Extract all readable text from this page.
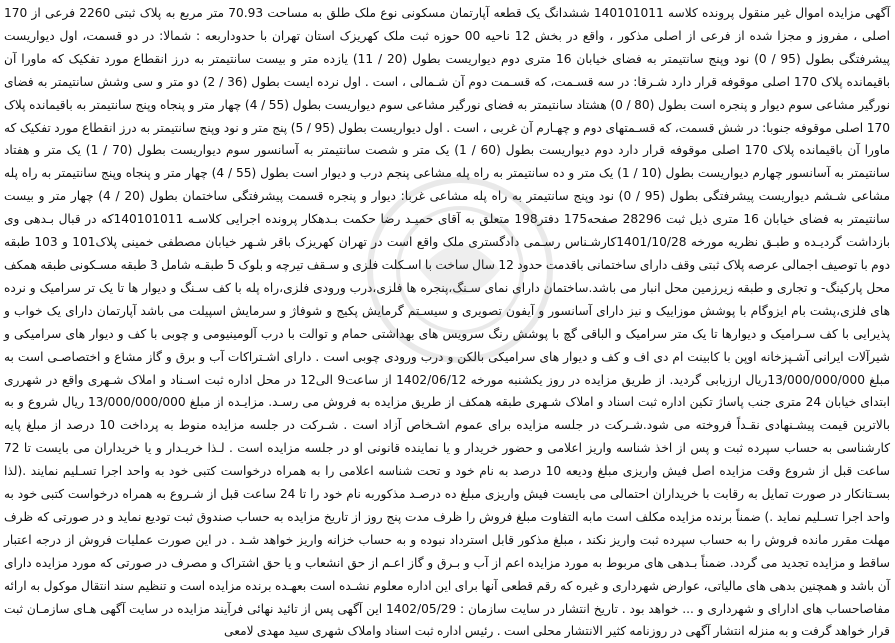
آگهی مزایده اموال غیر منقول پرونده کلاسه 140101011 ششدانگ یک قطعه آپارتمان مسکونی نوع ملک طلق به مساحت 70.93 متر مربع به پلاک ثبتی 2260 فرعی از 170 اصلی ، مفروز و مجزا شده از فرعی از اصلی مذکور ، واقع در بخش 12 ناحیه 00 حوزه ثبت ملک کهریزک استان تهران با حدودار‌بعه : شمالا: در دو قسمت، اول دیوار‌یست پیشرفتگی بطول (95 / 0) نود وپنج سانتیمتر به فضای خیابان 16 متری دوم دیوار‌یست بطول (20 / 11) یازده متر و بیست سانتیمتر به درز انقطاع مورد تفکیک که ماورا آن باقیمانده پلاک 170 اصلی موقوفه قرار دارد شـرقا: در سه قسـمت، که قسـمت دوم آن شـمالی ، است . اول نرده ایست بطول (36 / 2) دو متر و سی وشش سانتیمتر به فضای نورگیر مشاعی سوم دیوار و پنجره است بطول (80 / 0) هشتاد سانتیمتر به فضای نورگیر مشاعی سوم دیوار‌یست بطول (55 / 4) چهار متر و پنجاه وپنج سانتیمتر به باقیمانده پلاک 170 اصلی موقوفه جنوبا: در شش قسمت، که قسـمتهای دوم و چهـارم آن غربی ، است . اول دیواریست بطول (95 / 5) پنج متر و نود وپنج سانتیمتر به درز انقطاع مورد تفکیک که ماورا آن باقیمانده پلاک 170 اصلی موقوفه قرار دارد دوم دیوار‌یست بطول (60 / 1) یک متر و شصت سانتیمتر به آسانسور سوم دیوار‌یست بطول (70 / 1) یک متر و هفتاد سانتیمتر به آسانسور چهارم دیوار‌یست بطول (10 / 1) یک متر و ده سانتیمتر به راه پله مشاعی پنجم درب و دیوار است بطول (55 / 4) چهار متر و پنجاه وپنج سانتیمتر به راه پله مشاعی شـشم دیوار‌یست پیشرفتگی بطول (95 / 0) نود وپنج سانتیمتر به راه پله مشاعی غربا: دیوار و پنجره قسمت پیشرفتگی ساختمان بطول (20 / 4) چهار متر و بیست سانتیمتر به فضای خیابان 16 متری ذیل ثبت 28296 صفحه175 دفتر198 متعلق به آقای حمیـد رضا حکمت بـدهکار پرونده اجرایی کلاسـه 140101011که در قبال بـدهی وی بازداشت گردیـده و طبـق نظریه مورخه 1401/10/28کارشـناس رسـمی دادگستری ملک واقع است در تهران کهریزک باقر شـهر خیابان مصطفی خمینی پلاک101 و 103 طبقه دوم با توصیف اجمالی عرصه پلاک ثبتی وقف دارای ساختمانی باقدمت حدود 12 سال ساخت با اسـکلت فلزی و سـقف تیرچه و بلوک 5 طبقـه شامل 3 طبقه مسـکونی طبقه همکف محل پارکینگ- و تجاری و طبقه زیرزمین محل انبار می باشد.ساختمان دارای نمای سـنگ،پنجره ها فلزی،درب ورودی فلزی،راه پله با کف سـنگ و دیوار ها تا یک تر سرامیک و نرده های فلزی،پشت بام ایزوگام با پوشش موزاییک و نیز دارای آسانسور و آیفون تصویری و سیسـتم گرمایش پکیج و شوفاژ و سرمایش اسپیلت می باشد آپارتمان دارای یک خواب و پذیرایی با کف سـرامیک و دیوارها تا یک متر سرامیک و الباقی گچ با پوشش رنگ سرویس های بهداشتی حمام و توالت با درب آلومینیومی و چوبی با کف و دیوار های سرامیکی و شیرآلات ایرانی آشـپزخانه اوپن با کابینت ام دی اف و کف و دیوار های سرامیکی بالکن و درب ورودی چوبی است . دارای اشـتراکات آب و برق و گاز مشاع و اختصاصـی است به مبلغ 13/000/000/000ریال ارزیابی گردید. از طریق مزایده در روز یکشنبه مورخه 1402/06/12 از ساعت9 الی12 در محل اداره ثبت اسـناد و املاک شـهری واقع در شهرری ابتدای خیابان 24 متری جنب پاساژ تکین اداره ثبت اسناد و املاک شـهری طبقه همکف از طریق مزایده به فروش می رسـد. مزایـده از مبلغ 13/000/000/000 ریال شروع و به بالاترین قیمت پیشـنهادی نقـداً فروخته می شود.شـرکت در جلسه مزایده برای عموم اشـخاص آزاد است . شـرکت در جلسه مزایده منوط به پرداخت 10 درصد از مبلغ پایه کارشناسی به حساب سپرده ثبت و پس از اخذ شناسه واریز اعلامی و حضور خریدار و یا نماینده قانونی او در جلسه مزایده است . لـذا خریـدار و یا خریداران می بایست تا 72 ساعت قبل از شروع وقت مزایده اصل فیش واریزی مبلغ ودیعه 10 درصد به نام خود و تحت شناسه اعلامی را به همراه درخواست کتبی خود به واحد اجرا تسـلیم نمایند .(لذا بسـتانکار در صورت تمایل به رقابت با خریداران احتمالی می بایست فیش واریزی مبلغ ده درصـد مذکوربه نام خود را تا 24 ساعت قبل از شـروع به همراه درخواست کتبی خود به واحد اجرا تسـلیم نماید .) ضمناً برنده مزایده مکلف است مابه التفاوت مبلغ فروش را ظرف مدت پنج روز از تاریخ مزایده به حساب صندوق ثبت تودیع نماید و در صورتی که ظرف مهلت مقرر مانده فروش را به حساب سپرده ثبت واریز نکند ، مبلغ مذکور قابل استرداد نبوده و به حساب خزانه واریز خواهد شـد . در این صورت عملیات فروش از درجه اعتبار ساقط و مزایده تجدید می گردد. ضمناً بـدهی های مربوط به مورد مزایده اعم از آب و بـرق و گاز اعـم از حق انشعاب و یا حق اشتراک و مصرف در صورتی که مورد مزایده دارای آن باشد و همچنین بدهی های مالیاتی، عوارض شهرداری و غیره که رقم قطعی آنها برای این اداره معلوم نشـده است بعهـده برنده مزایده است و تنظیم سند انتقال موکول به ارائه مفاصاحساب های ادارای و شهرداری و ... خواهد بود . تاریخ انتشار در سایت سازمان : 1402/05/29 این آگهی پس از تائید نهائی فرآیند مزایده در سایت آگهی هـای سازمـان ثبت قرار خواهد گرفت و به منزله انتشار آگهی در روزنامه کثیر الانتشار محلی است . رئیس اداره ثبت اسناد واملاک شهری سید مهدی لامعی
